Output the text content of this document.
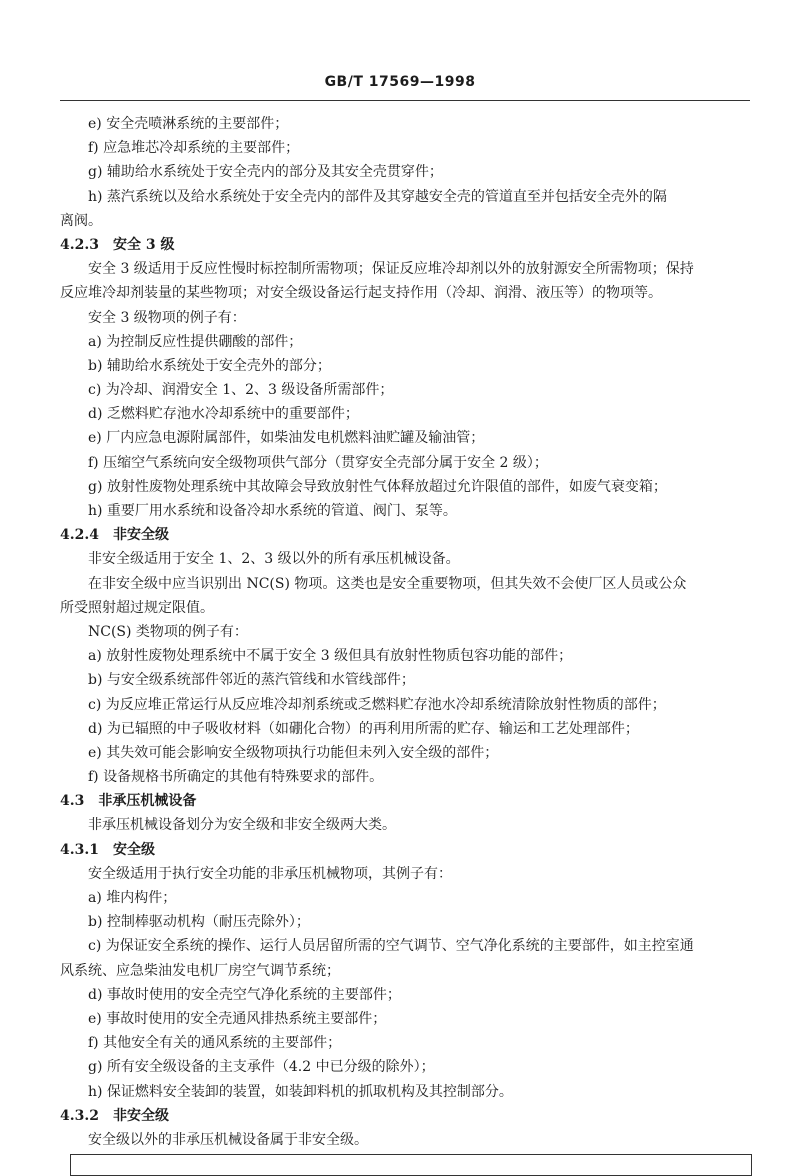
GB/T 17569—1998
e) 安全壳喷淋系统的主要部件；
f) 应急堆芯冷却系统的主要部件；
g) 辅助给水系统处于安全壳内的部分及其安全壳贯穿件；
h) 蒸汽系统以及给水系统处于安全壳内的部件及其穿越安全壳的管道直至并包括安全壳外的隔
离阀。
4.2.3　安全 3 级
安全 3 级适用于反应性慢时标控制所需物项；保证反应堆冷却剂以外的放射源安全所需物项；保持
反应堆冷却剂装量的某些物项；对安全级设备运行起支持作用（冷却、润滑、液压等）的物项等。
安全 3 级物项的例子有：
a) 为控制反应性提供硼酸的部件；
b) 辅助给水系统处于安全壳外的部分；
c) 为冷却、润滑安全 1、2、3 级设备所需部件；
d) 乏燃料贮存池水冷却系统中的重要部件；
e) 厂内应急电源附属部件，如柴油发电机燃料油贮罐及输油管；
f) 压缩空气系统向安全级物项供气部分（贯穿安全壳部分属于安全 2 级）；
g) 放射性废物处理系统中其故障会导致放射性气体释放超过允许限值的部件，如废气衰变箱；
h) 重要厂用水系统和设备冷却水系统的管道、阀门、泵等。
4.2.4　非安全级
非安全级适用于安全 1、2、3 级以外的所有承压机械设备。
在非安全级中应当识别出 NC(S) 物项。这类也是安全重要物项，但其失效不会使厂区人员或公众
所受照射超过规定限值。
NC(S) 类物项的例子有：
a) 放射性废物处理系统中不属于安全 3 级但具有放射性物质包容功能的部件；
b) 与安全级系统部件邻近的蒸汽管线和水管线部件；
c) 为反应堆正常运行从反应堆冷却剂系统或乏燃料贮存池水冷却系统清除放射性物质的部件；
d) 为已辐照的中子吸收材料（如硼化合物）的再利用所需的贮存、输运和工艺处理部件；
e) 其失效可能会影响安全级物项执行功能但未列入安全级的部件；
f) 设备规格书所确定的其他有特殊要求的部件。
4.3　非承压机械设备
非承压机械设备划分为安全级和非安全级两大类。
4.3.1　安全级
安全级适用于执行安全功能的非承压机械物项，其例子有：
a) 堆内构件；
b) 控制棒驱动机构（耐压壳除外）；
c) 为保证安全系统的操作、运行人员居留所需的空气调节、空气净化系统的主要部件，如主控室通
风系统、应急柴油发电机厂房空气调节系统；
d) 事故时使用的安全壳空气净化系统的主要部件；
e) 事故时使用的安全壳通风排热系统主要部件；
f) 其他安全有关的通风系统的主要部件；
g) 所有安全级设备的主支承件（4.2 中已分级的除外）；
h) 保证燃料安全装卸的装置，如装卸料机的抓取机构及其控制部分。
4.3.2　非安全级
安全级以外的非承压机械设备属于非安全级。
